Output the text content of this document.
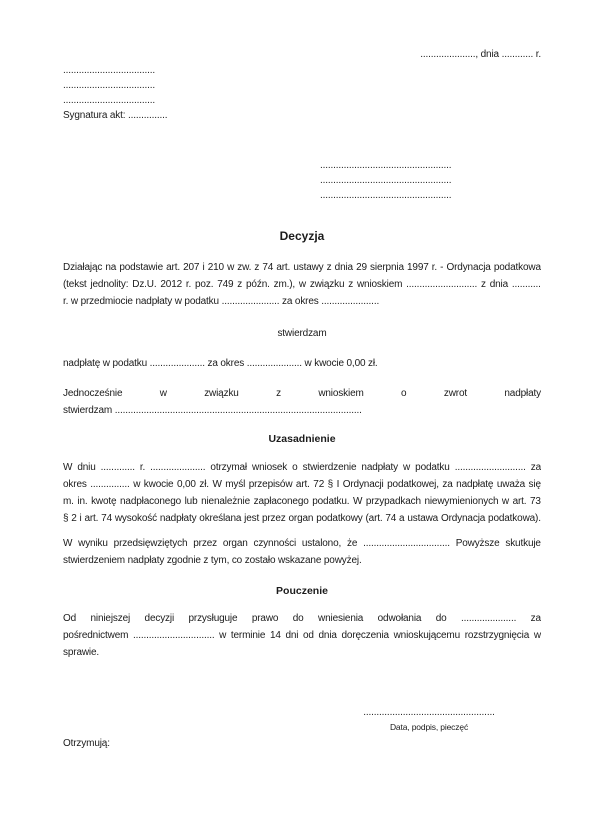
....................., dnia ............ r.
...................................
...................................
...................................
Sygnatura akt: ...............
..................................................
..................................................
..................................................
Decyzja
Działając na podstawie art. 207 i 210 w zw. z 74 art. ustawy z dnia 29 sierpnia 1997 r. - Ordynacja podatkowa
(tekst jednolity: Dz.U. 2012 r. poz. 749 z późn. zm.), w związku z wnioskiem ........................... z dnia ...........
r. w przedmiocie nadpłaty w podatku ...................... za okres ......................
stwierdzam
nadpłatę w podatku ..................... za okres ..................... w kwocie 0,00 zł.
Jednocześnie	w	związku	z	wnioskiem	o	zwrot	nadpłaty
stwierdzam ..............................................................................................
Uzasadnienie
W dniu ............. r. ..................... otrzymał wniosek o stwierdzenie nadpłaty w podatku ........................... za
okres ............... w kwocie 0,00 zł. W myśl przepisów art. 72 § I Ordynacji podatkowej, za nadpłatę uważa się
m. in. kwotę nadpłaconego lub nienależnie zapłaconego podatku. W przypadkach niewymienionych w art. 73
§ 2 i art. 74 wysokość nadpłaty określana jest przez organ podatkowy (art. 74 a ustawa Ordynacja podatkowa).
W wyniku przedsięwziętych przez organ czynności ustalono, że ................................. Powyższe skutkuje
stwierdzeniem nadpłaty zgodnie z tym, co zostało wskazane powyżej.
Pouczenie
Od niniejszej decyzji przysługuje prawo do wniesienia odwołania do ..................... za
pośrednictwem ............................... w terminie 14 dni od dnia doręczenia wnioskującemu rozstrzygnięcia w
sprawie.
..................................................
Data, podpis, pieczęć
Otrzymują:
